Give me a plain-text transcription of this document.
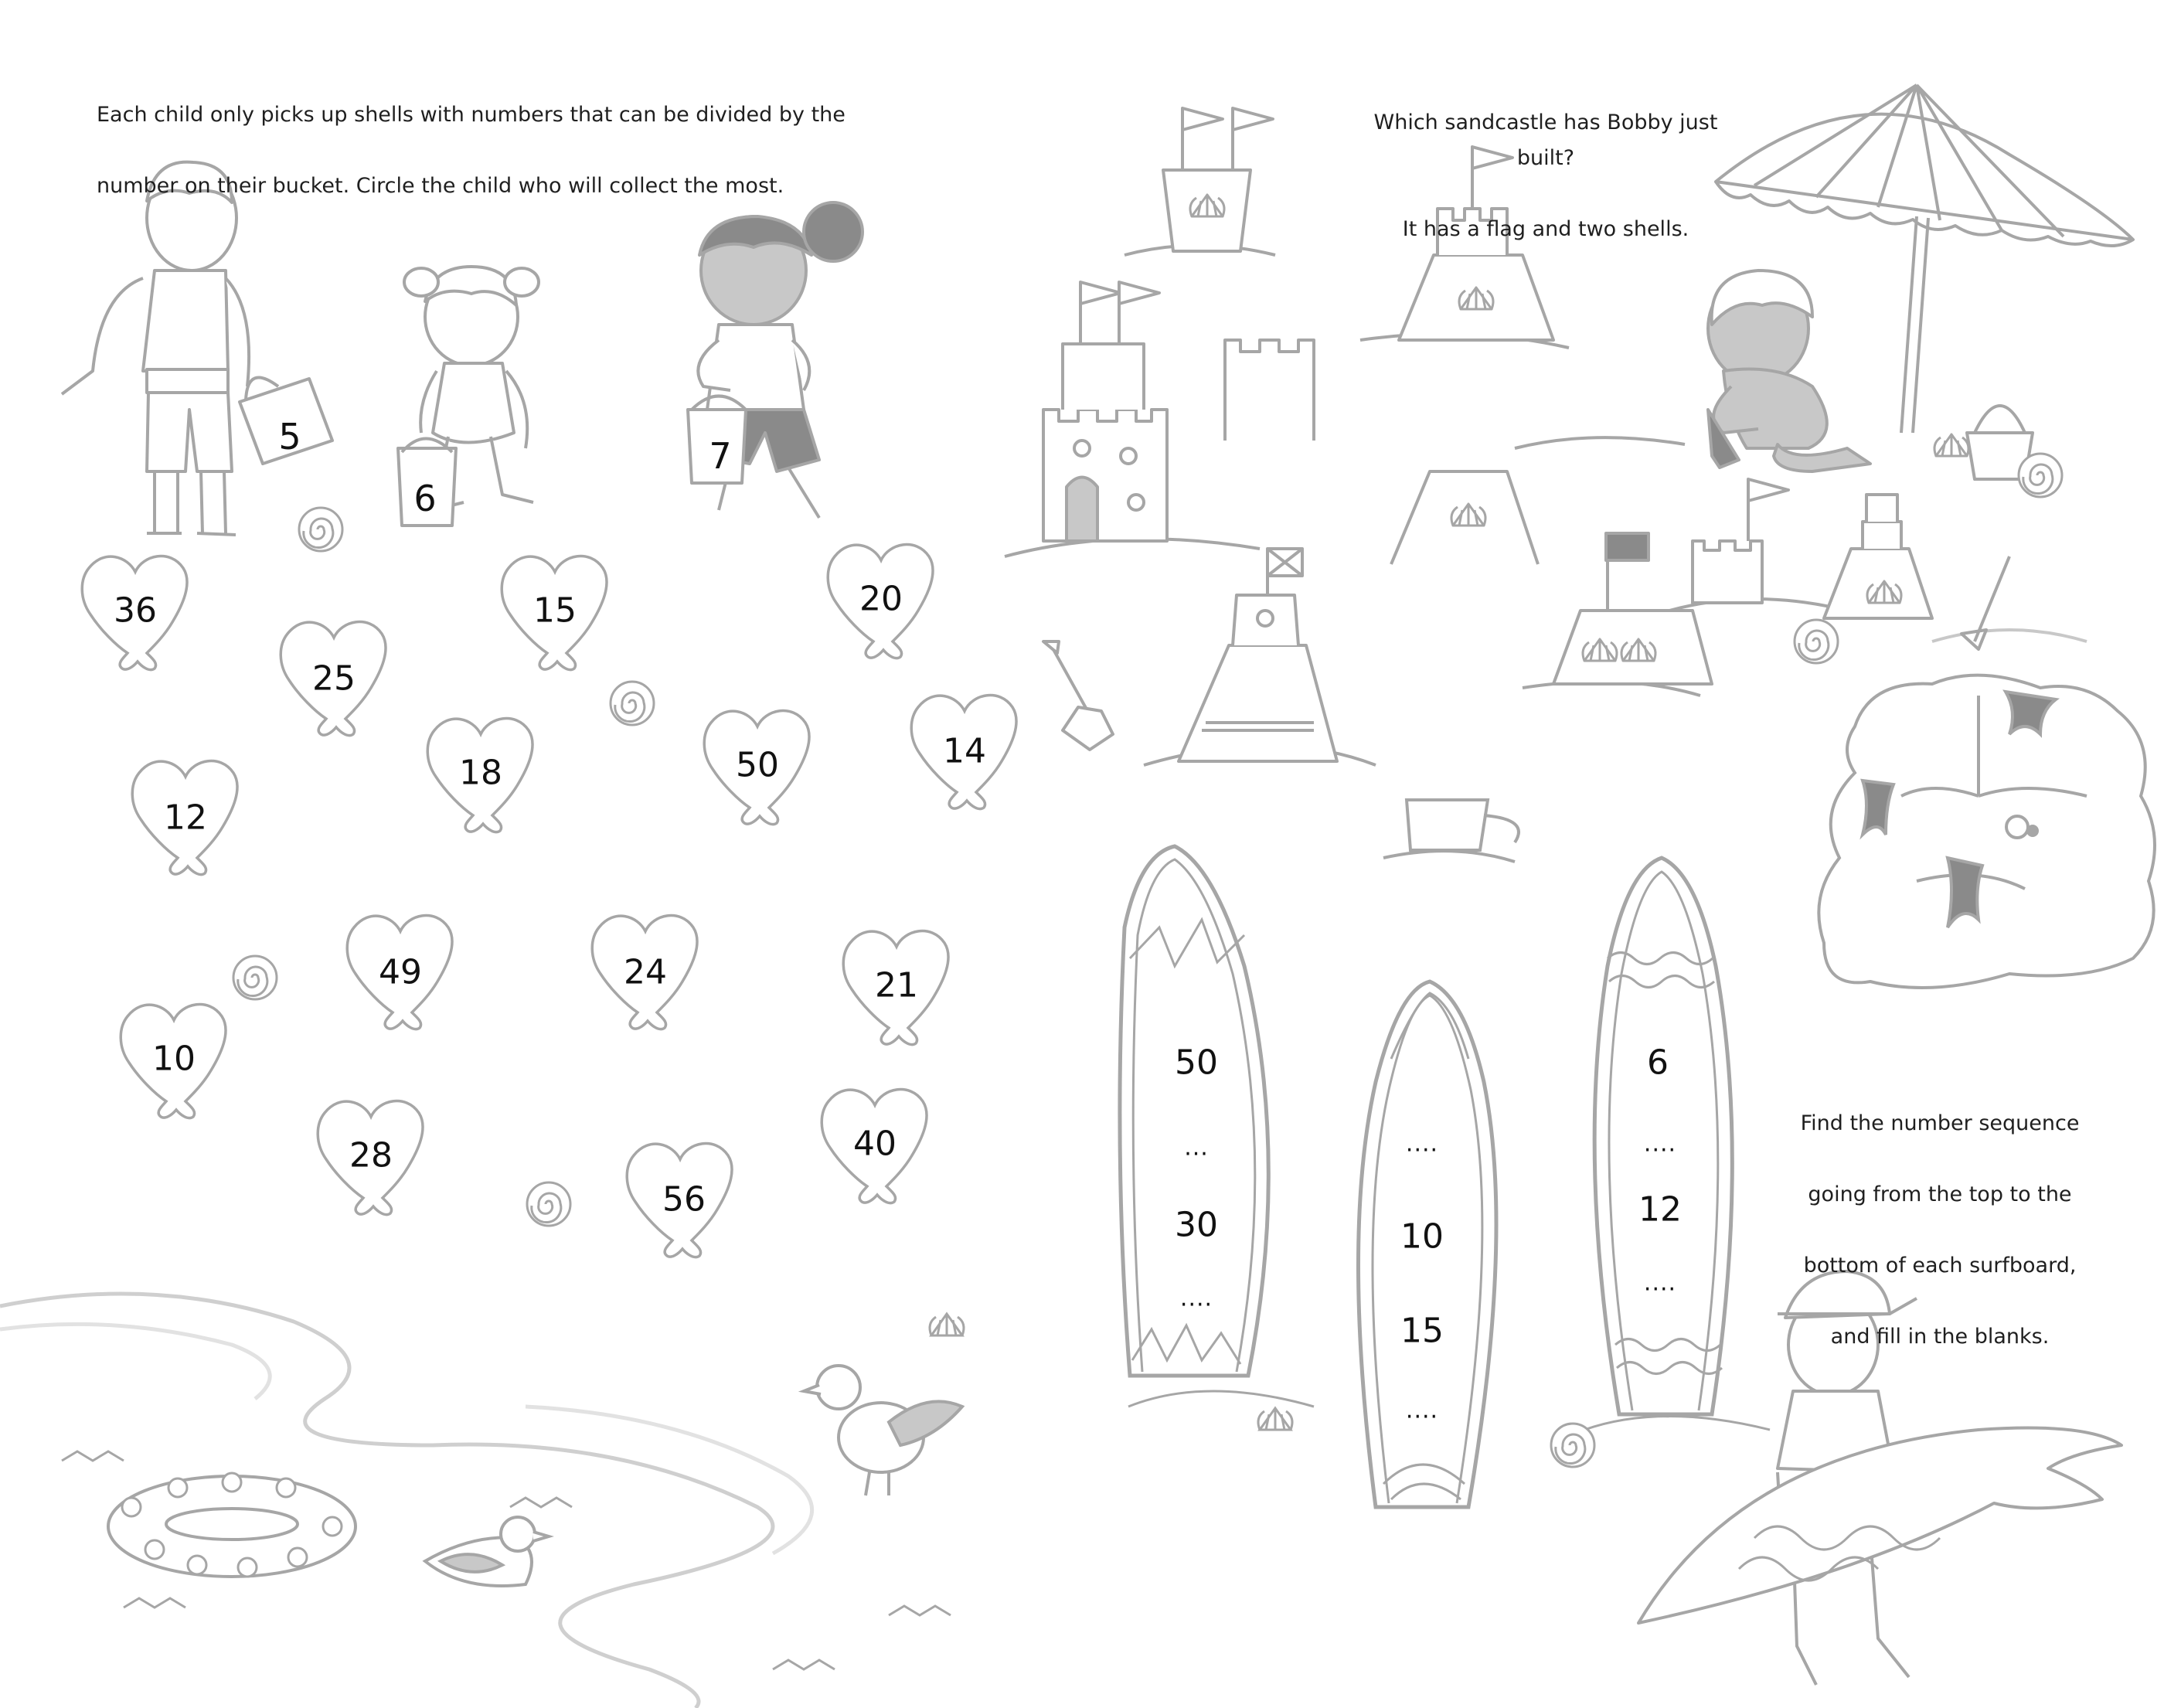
Each child only picks up shells with numbers that can be divided by the

number on their bucket. Circle the child who will collect the most.

Which sandcastle has Bobby just built?

It has a flag and two shells.

Find the number sequence

going from the top to the

bottom of each surfboard,

and fill in the blanks.

5
6
7
36	15	20
25
14
18	50
12
49	24	21
10
28	40
56
50
...
30
....
....
10
15
....
6
....
12
....
